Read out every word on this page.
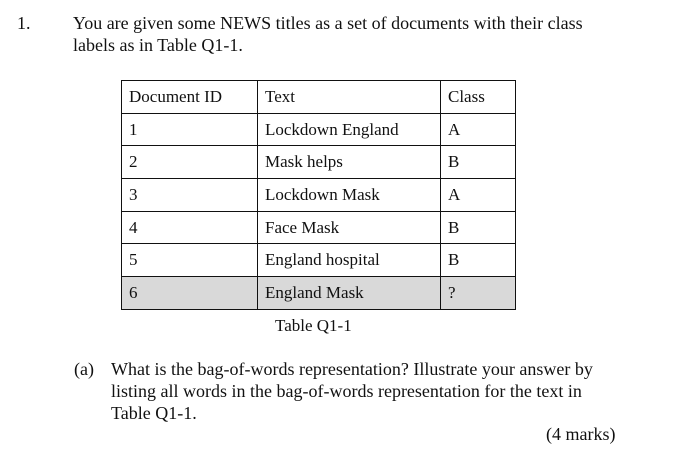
1. You are given some NEWS titles as a set of documents with their class
labels as in Table Q1-1.
Document ID	Text	Class
1	Lockdown England	A
2	Mask helps	B
3	Lockdown Mask	A
4	Face Mask	B
5	England hospital	B
6	England Mask	?
Table Q1-1
(a) What is the bag-of-words representation? Illustrate your answer by
listing all words in the bag-of-words representation for the text in
Table Q1-1.
(4 marks)
